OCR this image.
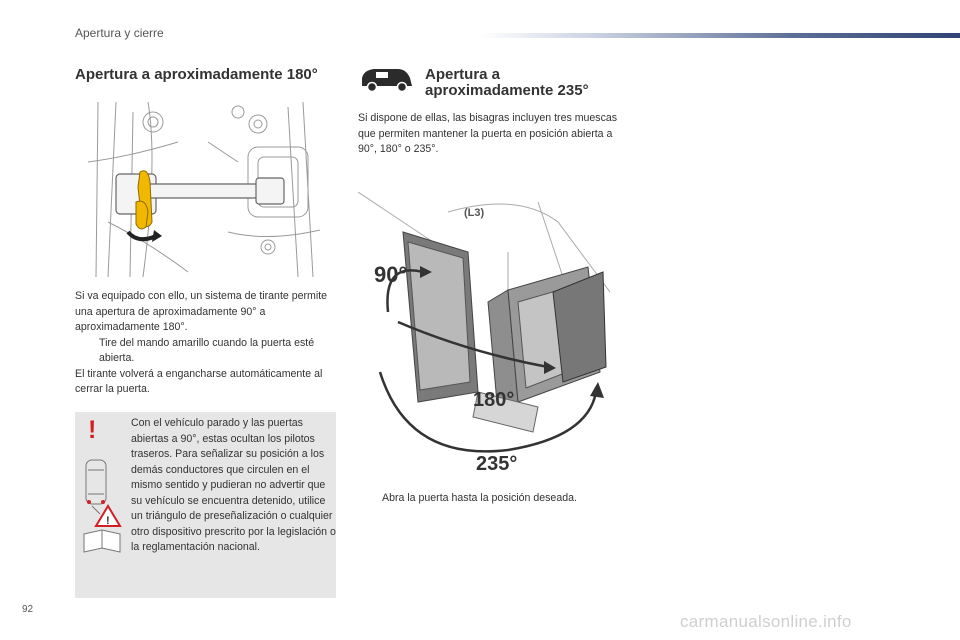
Apertura y cierre
Apertura a aproximadamente 180°
Si va equipado con ello, un sistema de tirante permite una apertura de aproximadamente 90° a aproximadamente 180°.

Tire del mando amarillo cuando la puerta esté abierta.
El tirante volverá a engancharse automáticamente al cerrar la puerta.
!
!
Con el vehículo parado y las puertas abiertas a 90°, estas ocultan los pilotos traseros. Para señalizar su posición a los demás conductores que circulen en el mismo sentido y pudieran no advertir que su vehículo se encuentra detenido, utilice un triángulo de preseñalización o cualquier otro dispositivo prescrito por la legislación o la reglamentación nacional.
Apertura a aproximadamente 235°
Si dispone de ellas, las bisagras incluyen tres muescas que permiten mantener la puerta en posición abierta a 90°, 180° o 235°.
(L3)
90°
180°
235°
Abra la puerta hasta la posición deseada.
92
carmanualsonline.info
